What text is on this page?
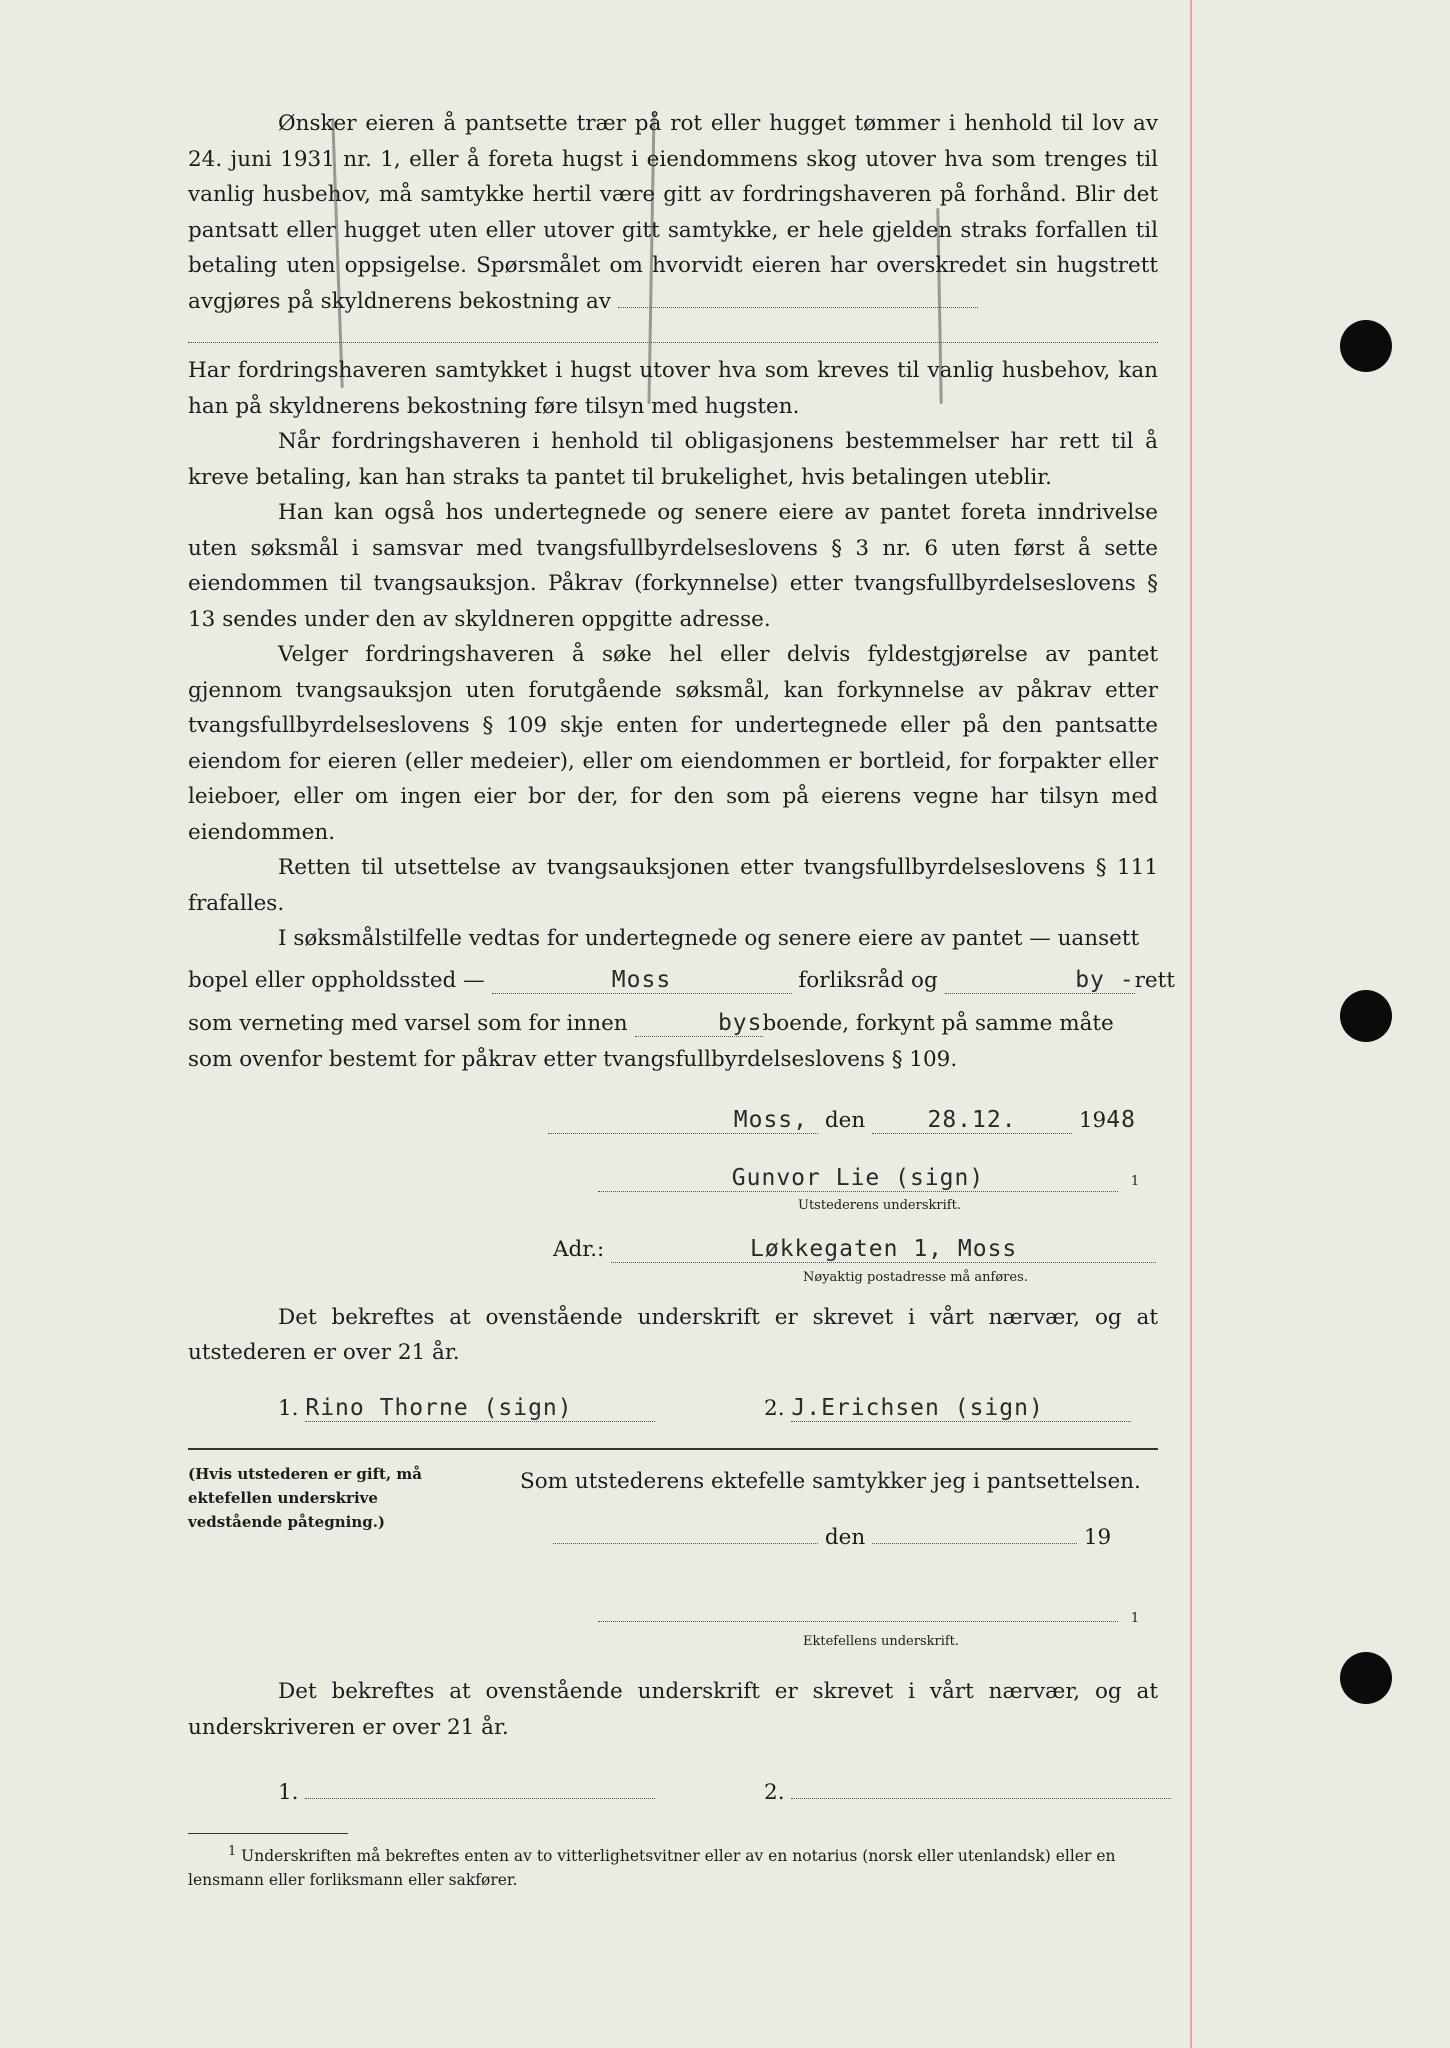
Ønsker eieren å pantsette trær på rot eller hugget tømmer i henhold til lov av 24. juni 1931 nr. 1, eller å foreta hugst i eiendommens skog utover hva som trenges til vanlig husbehov, må samtykke hertil være gitt av fordringshaveren på forhånd. Blir det pantsatt eller hugget uten eller utover gitt samtykke, er hele gjelden straks forfallen til betaling uten oppsigelse. Spørsmålet om hvorvidt eieren har overskredet sin hugstrett avgjøres på skyldnerens bekostning av

Har fordringshaveren samtykket i hugst utover hva som kreves til vanlig husbehov, kan han på skyldnerens bekostning føre tilsyn med hugsten.

Når fordringshaveren i henhold til obligasjonens bestemmelser har rett til å kreve betaling, kan han straks ta pantet til brukelighet, hvis betalingen uteblir.

Han kan også hos undertegnede og senere eiere av pantet foreta inndrivelse uten søksmål i samsvar med tvangsfullbyrdelseslovens § 3 nr. 6 uten først å sette eiendommen til tvangsauksjon. Påkrav (forkynnelse) etter tvangsfullbyrdelseslovens § 13 sendes under den av skyldneren oppgitte adresse.

Velger fordringshaveren å søke hel eller delvis fyldestgjørelse av pantet gjennom tvangsauksjon uten forutgående søksmål, kan forkynnelse av påkrav etter tvangsfullbyrdelseslovens § 109 skje enten for undertegnede eller på den pantsatte eiendom for eieren (eller medeier), eller om eiendommen er bortleid, for forpakter eller leieboer, eller om ingen eier bor der, for den som på eierens vegne har tilsyn med eiendommen.

Retten til utsettelse av tvangsauksjonen etter tvangsfullbyrdelseslovens § 111 frafalles.

I søksmålstilfelle vedtas for undertegnede og senere eiere av pantet — uansett

bopel eller oppholdssted —	Moss	forliksråd og	by -rett
som verneting med varsel som for innen	bysboende, forkynt på samme måte

som ovenfor bestemt for påkrav etter tvangsfullbyrdelseslovens § 109.

Moss, den	28.12.	1948
Gunvor Lie (sign)	1
Utstederens underskrift.
Adr.:	Løkkegaten 1, Moss
Nøyaktig postadresse må anføres.

Det bekreftes at ovenstående underskrift er skrevet i vårt nærvær, og at utstederen er over 21 år.

1. Rino Thorne (sign)	2. J.Erichsen (sign)
(Hvis utstederen er gift, må ektefellen underskrive vedstående påtegning.)
Som utstederens ektefelle samtykker jeg i pantsettelsen.
den	19
1
Ektefellens underskrift.

Det bekreftes at ovenstående underskrift er skrevet i vårt nærvær, og at underskriveren er over 21 år.

1.	2.
$^1$ Underskriften må bekreftes enten av to vitterlighetsvitner eller av en notarius (norsk eller utenlandsk) eller en lensmann eller forliksmann eller sakfører.
